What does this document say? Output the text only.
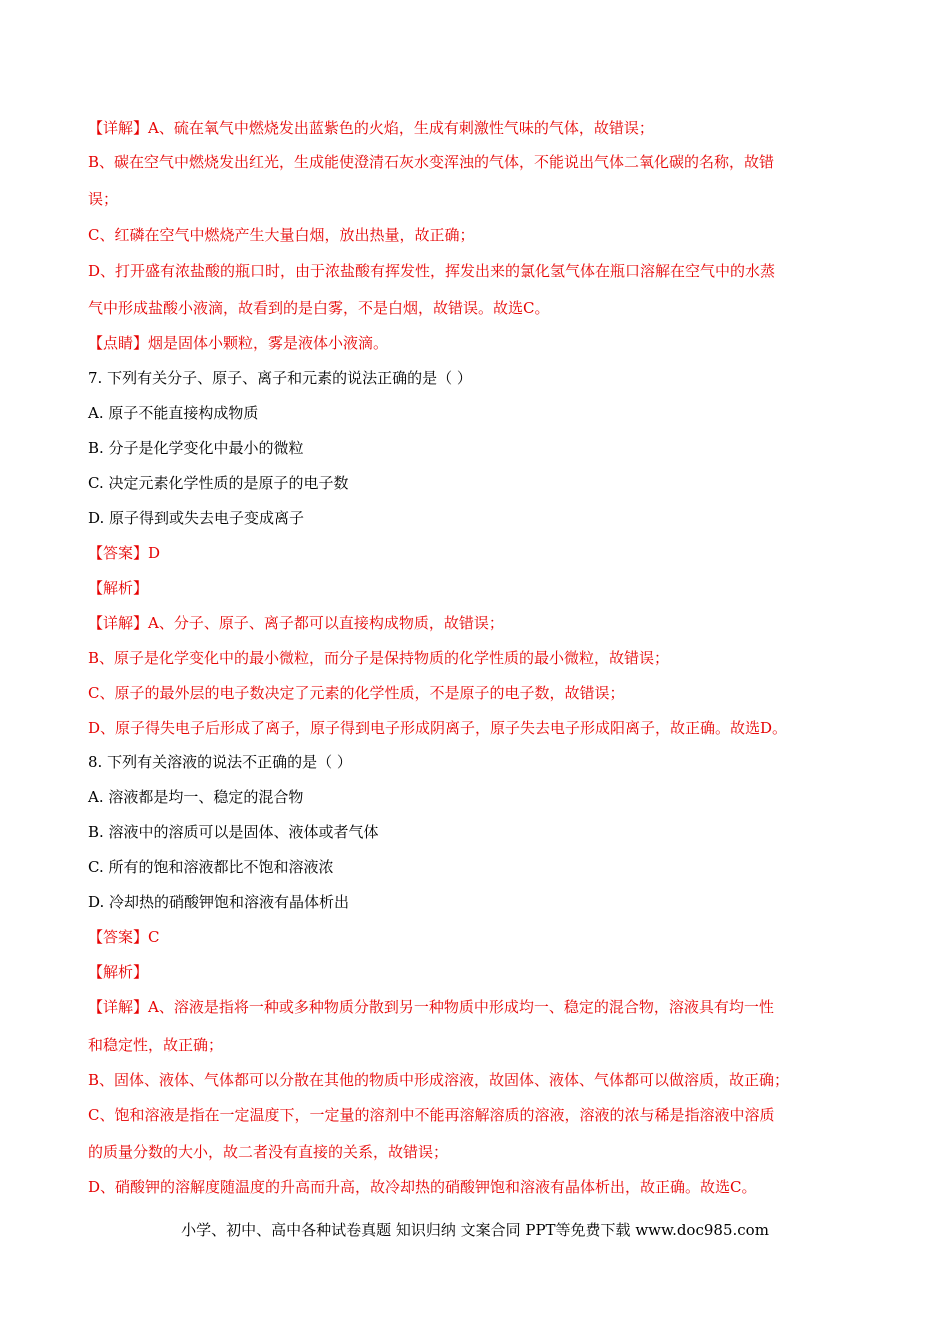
【详解】A、硫在氧气中燃烧发出蓝紫色的火焰，生成有刺激性气味的气体，故错误；
B、碳在空气中燃烧发出红光，生成能使澄清石灰水变浑浊的气体，不能说出气体二氧化碳的名称，故错
误；
C、红磷在空气中燃烧产生大量白烟，放出热量，故正确；
D、打开盛有浓盐酸的瓶口时，由于浓盐酸有挥发性，挥发出来的氯化氢气体在瓶口溶解在空气中的水蒸
气中形成盐酸小液滴，故看到的是白雾，不是白烟，故错误。故选C。
【点睛】烟是固体小颗粒，雾是液体小液滴。
7. 下列有关分子、原子、离子和元素的说法正确的是（ ）
A. 原子不能直接构成物质
B. 分子是化学变化中最小的微粒
C. 决定元素化学性质的是原子的电子数
D. 原子得到或失去电子变成离子
【答案】D
【解析】
【详解】A、分子、原子、离子都可以直接构成物质，故错误；
B、原子是化学变化中的最小微粒，而分子是保持物质的化学性质的最小微粒，故错误；
C、原子的最外层的电子数决定了元素的化学性质，不是原子的电子数，故错误；
D、原子得失电子后形成了离子，原子得到电子形成阴离子，原子失去电子形成阳离子，故正确。故选D。
8. 下列有关溶液的说法不正确的是（ ）
A. 溶液都是均一、稳定的混合物
B. 溶液中的溶质可以是固体、液体或者气体
C. 所有的饱和溶液都比不饱和溶液浓
D. 冷却热的硝酸钾饱和溶液有晶体析出
【答案】C
【解析】
【详解】A、溶液是指将一种或多种物质分散到另一种物质中形成均一、稳定的混合物，溶液具有均一性
和稳定性，故正确；
B、固体、液体、气体都可以分散在其他的物质中形成溶液，故固体、液体、气体都可以做溶质，故正确；
C、饱和溶液是指在一定温度下，一定量的溶剂中不能再溶解溶质的溶液，溶液的浓与稀是指溶液中溶质
的质量分数的大小，故二者没有直接的关系，故错误；
D、硝酸钾的溶解度随温度的升高而升高，故冷却热的硝酸钾饱和溶液有晶体析出，故正确。故选C。
小学、初中、高中各种试卷真题 知识归纳 文案合同 PPT等免费下载 www.doc985.com
